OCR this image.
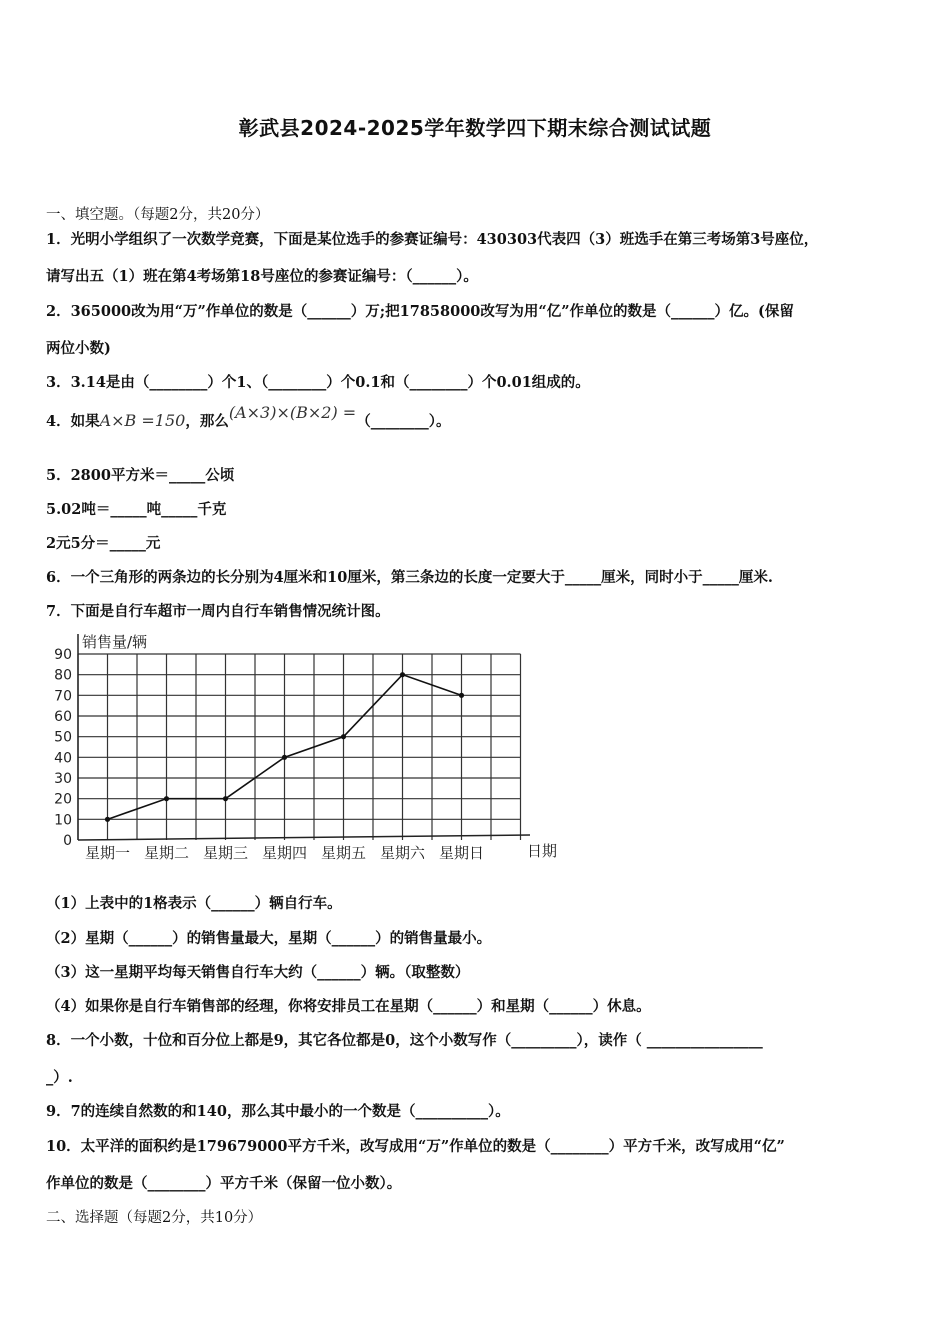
彰武县2024-2025学年数学四下期末综合测试试题
一、填空题。（每题2分，共20分）
1．光明小学组织了一次数学竞赛，下面是某位选手的参赛证编号：430303代表四（3）班选手在第三考场第3号座位，
请写出五（1）班在第4考场第18号座位的参赛证编号：（______）。
2．365000改为用“万”作单位的数是（______）万;把17858000改写为用“亿”作单位的数是（______）亿。(保留
两位小数)
3．3.14是由（________）个1、（________）个0.1和（________）个0.01组成的。
4．如果A×B =150，那么(A×3)×(B×2) =（________）。
5．2800平方米＝_____公顷
5.02吨＝_____吨_____千克
2元5分＝_____元
6．一个三角形的两条边的长分别为4厘米和10厘米，第三条边的长度一定要大于_____厘米，同时小于_____厘米.
7．下面是自行车超市一周内自行车销售情况统计图。
0
10
20
30
40
50
60
70
80
90
销售量/辆
星期一 星期二 星期三 星期四 星期五 星期六 星期日	日期
（1）上表中的1格表示（______）辆自行车。
（2）星期（______）的销售量最大，星期（______）的销售量最小。
（3）这一星期平均每天销售自行车大约（______）辆。（取整数）
（4）如果你是自行车销售部的经理，你将安排员工在星期（______）和星期（______）休息。
8．一个小数，十位和百分位上都是9，其它各位都是0，这个小数写作（_________），读作（ ________________
_）.
9．7的连续自然数的和140，那么其中最小的一个数是（__________）。
10．太平洋的面积约是179679000平方千米，改写成用“万”作单位的数是（________）平方千米，改写成用“亿”
作单位的数是（________）平方千米（保留一位小数）。
二、选择题（每题2分，共10分）
